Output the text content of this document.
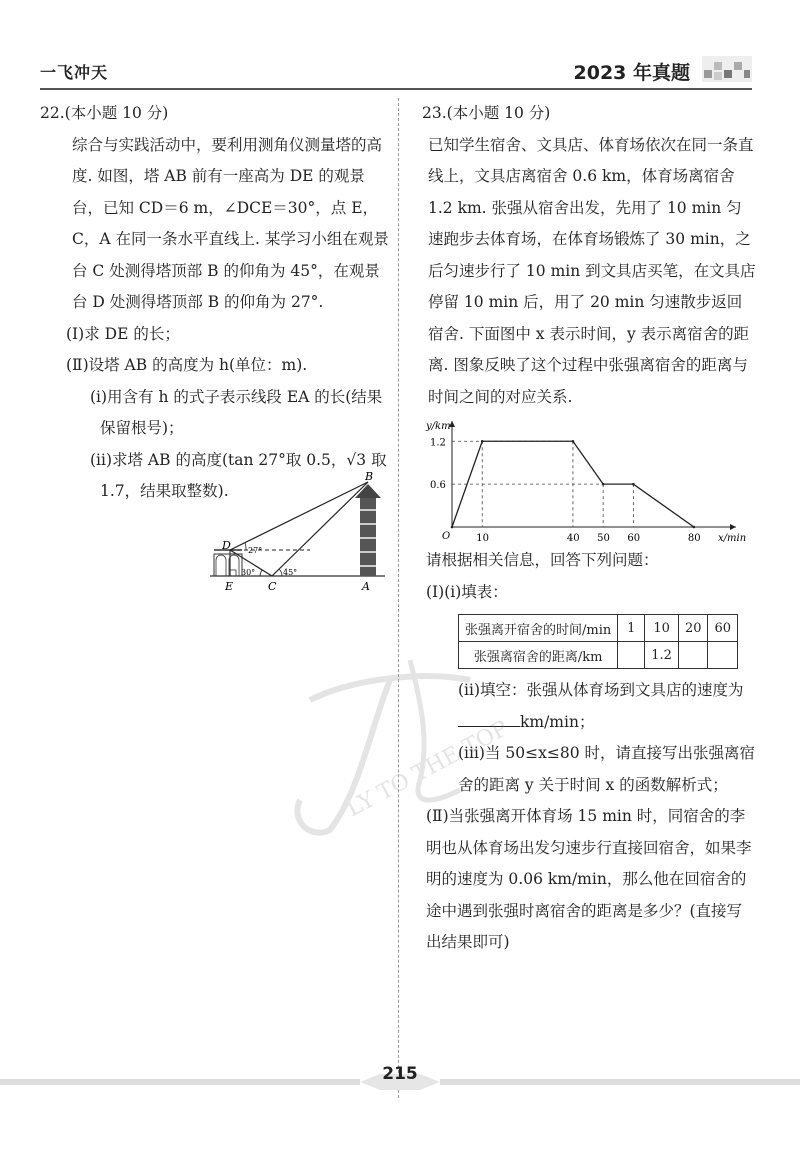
一飞冲天	2023 年真题

22.(本小题 10 分)

综合与实践活动中，要利用测角仪测量塔的高度. 如图，塔 AB 前有一座高为 DE 的观景台，已知 CD＝6 m，∠DCE＝30°，点 E，C，A 在同一条水平直线上. 某学习小组在观景台 C 处测得塔顶部 B 的仰角为 45°，在观景台 D 处测得塔顶部 B 的仰角为 27°.

(Ⅰ)求 DE 的长；

(Ⅱ)设塔 AB 的高度为 h(单位：m).

(ⅰ)用含有 h 的式子表示线段 EA 的长(结果保留根号)；

(ⅱ)求塔 AB 的高度(tan 27°取 0.5，√3 取 1.7，结果取整数).

B
D
E	C	A
27°
30°	45°

23.(本小题 10 分)

已知学生宿舍、文具店、体育场依次在同一条直线上，文具店离宿舍 0.6 km，体育场离宿舍 1.2 km. 张强从宿舍出发，先用了 10 min 匀速跑步去体育场，在体育场锻炼了 30 min，之后匀速步行了 10 min 到文具店买笔，在文具店停留 10 min 后，用了 20 min 匀速散步返回宿舍. 下面图中 x 表示时间，y 表示离宿舍的距离. 图象反映了这个过程中张强离宿舍的距离与时间之间的对应关系.

y/km
x/min
O
0.6
1.2
10	40 50 60	80

请根据相关信息，回答下列问题：

(Ⅰ)(ⅰ)填表：

张强离开宿舍的时间/min	1	10	20	60
张强离宿舍的距离/km		1.2		

(ⅱ)填空：张强从体育场到文具店的速度为km/min；

(ⅲ)当 50≤x≤80 时，请直接写出张强离宿舍的距离 y 关于时间 x 的函数解析式；

(Ⅱ)当张强离开体育场 15 min 时，同宿舍的李明也从体育场出发匀速步行直接回宿舍，如果李明的速度为 0.06 km/min，那么他在回宿舍的途中遇到张强时离宿舍的距离是多少？(直接写出结果即可)

LY TO THE TOP
215
